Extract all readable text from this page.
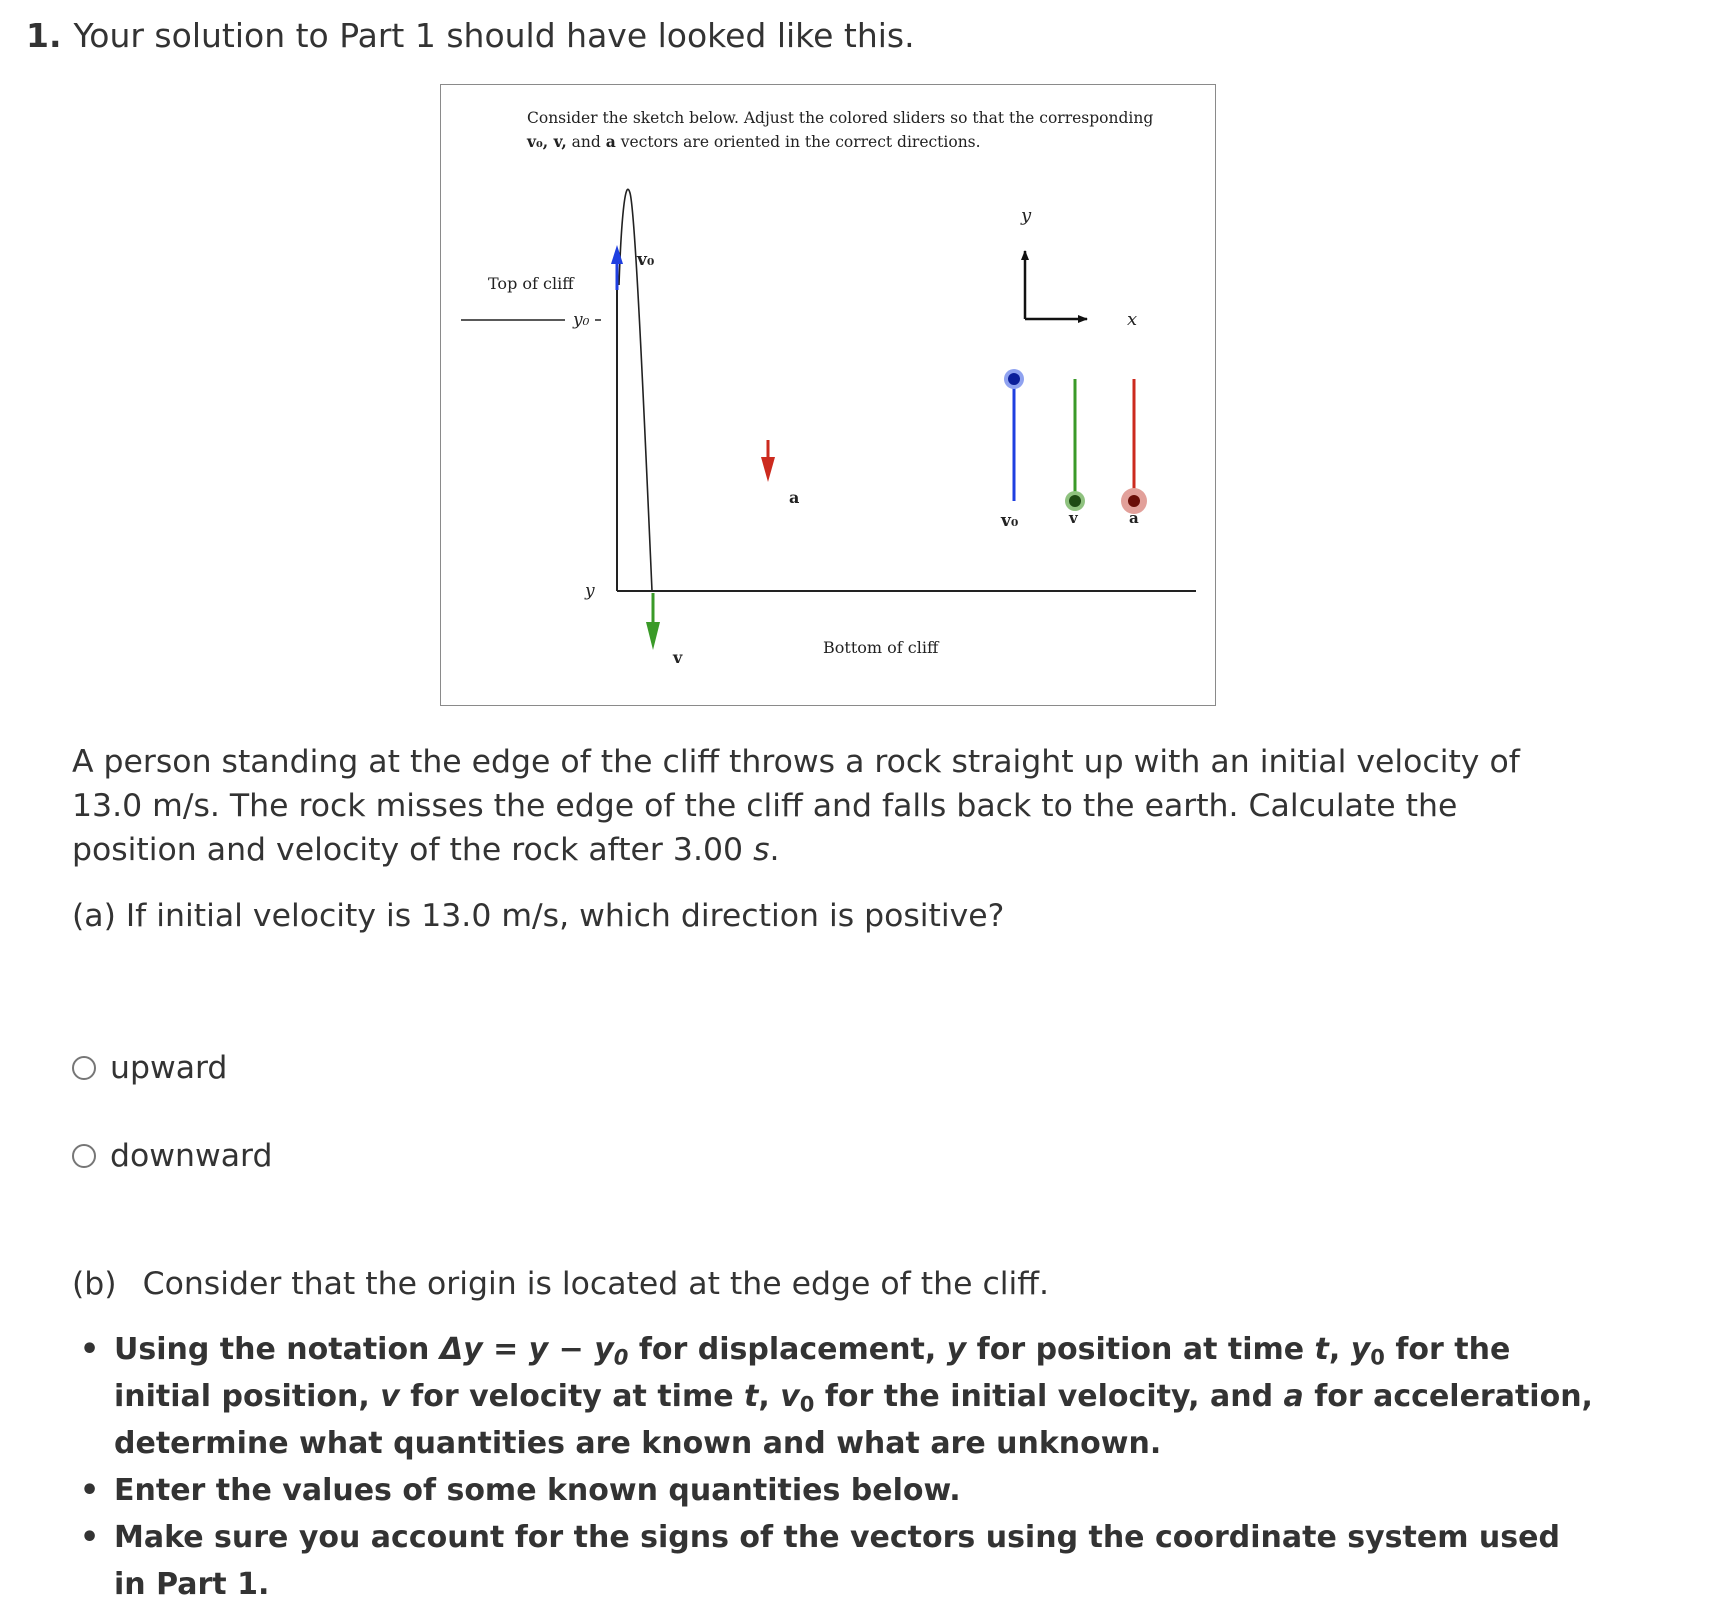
1. Your solution to Part 1 should have looked like this.
Consider the sketch below. Adjust the colored sliders so that the corresponding
v₀, v, and a vectors are oriented in the correct directions.
Top of cliff
y₀
y
v₀
v
a
Bottom of cliff
y
x
v₀	v	a
A person standing at the edge of the cliff throws a rock straight up with an initial velocity of 13.0 m/s. The rock misses the edge of the cliff and falls back to the earth. Calculate the position and velocity of the rock after 3.00 s.
(a) If initial velocity is 13.0 m/s, which direction is positive?
upward
downward
(b) Consider that the origin is located at the edge of the cliff.
• Using the notation $\Delta y = y - y_0$ for displacement, y for position at time t, $y_0$ for the initial position, v for velocity at time t, $v_0$ for the initial velocity, and a for acceleration, determine what quantities are known and what are unknown.
• Enter the values of some known quantities below.
• Make sure you account for the signs of the vectors using the coordinate system used in Part 1.
